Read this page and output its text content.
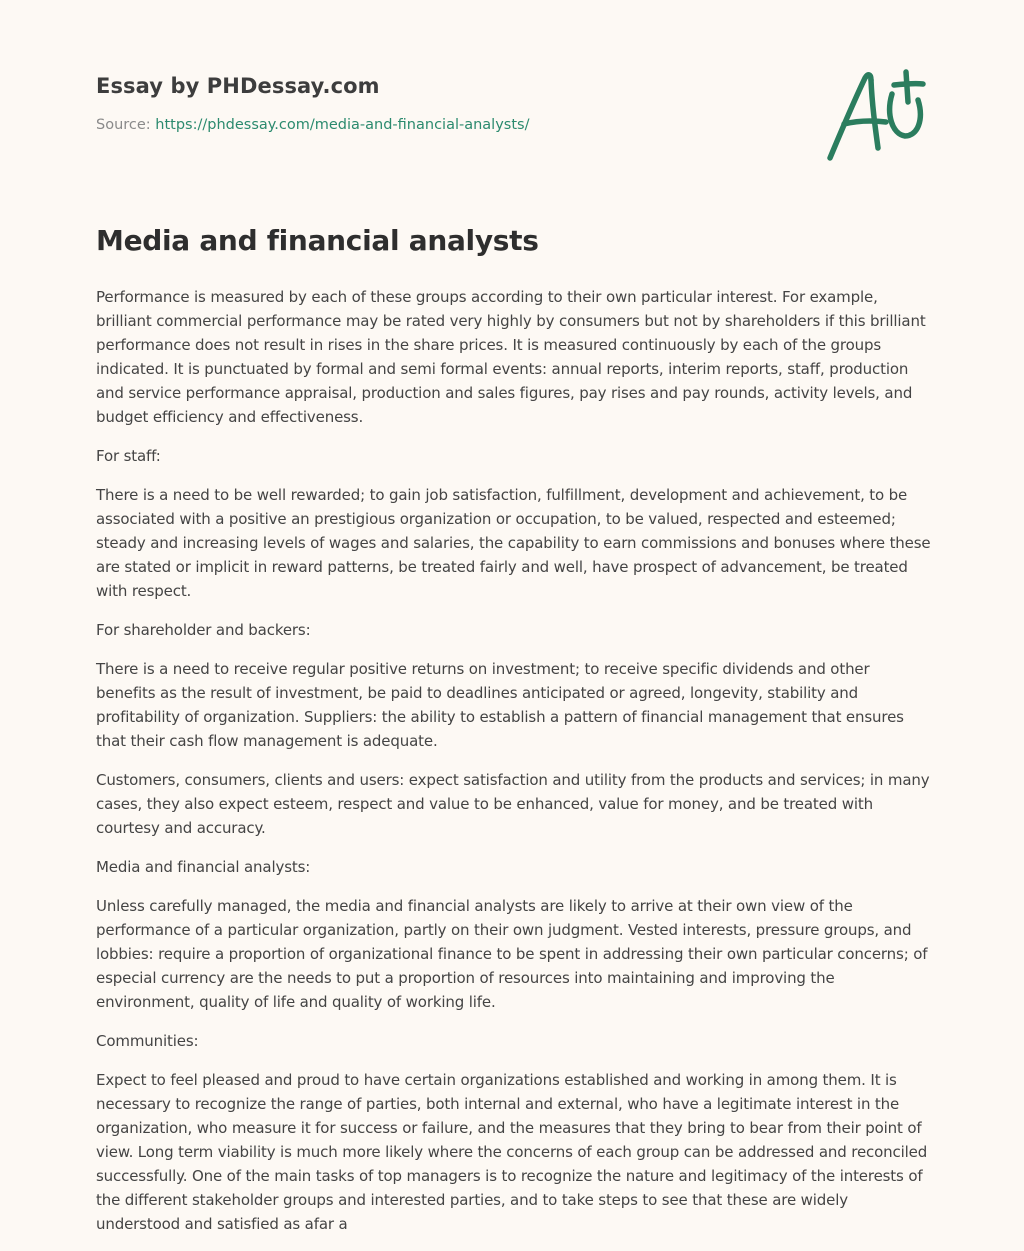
Essay by PHDessay.com
Source: https://phdessay.com/media-and-financial-analysts/
Media and financial analysts

Performance is measured by each of these groups according to their own particular interest. For example, brilliant commercial performance may be rated very highly by consumers but not by shareholders if this brilliant performance does not result in rises in the share prices. It is measured continuously by each of the groups indicated. It is punctuated by formal and semi formal events: annual reports, interim reports, staff, production and service performance appraisal, production and sales figures, pay rises and pay rounds, activity levels, and budget efficiency and effectiveness.

For staff:

There is a need to be well rewarded; to gain job satisfaction, fulfillment, development and achievement, to be associated with a positive an prestigious organization or occupation, to be valued, respected and esteemed; steady and increasing levels of wages and salaries, the capability to earn commissions and bonuses where these are stated or implicit in reward patterns, be treated fairly and well, have prospect of advancement, be treated with respect.

For shareholder and backers:

There is a need to receive regular positive returns on investment; to receive specific dividends and other benefits as the result of investment, be paid to deadlines anticipated or agreed, longevity, stability and profitability of organization. Suppliers: the ability to establish a pattern of financial management that ensures that their cash flow management is adequate.

Customers, consumers, clients and users: expect satisfaction and utility from the products and services; in many cases, they also expect esteem, respect and value to be enhanced, value for money, and be treated with courtesy and accuracy.

Media and financial analysts:

Unless carefully managed, the media and financial analysts are likely to arrive at their own view of the performance of a particular organization, partly on their own judgment. Vested interests, pressure groups, and lobbies: require a proportion of organizational finance to be spent in addressing their own particular concerns; of especial currency are the needs to put a proportion of resources into maintaining and improving the environment, quality of life and quality of working life.

Communities:

Expect to feel pleased and proud to have certain organizations established and working in among them. It is necessary to recognize the range of parties, both internal and external, who have a legitimate interest in the organization, who measure it for success or failure, and the measures that they bring to bear from their point of view. Long term viability is much more likely where the concerns of each group can be addressed and reconciled successfully. One of the main tasks of top managers is to recognize the nature and legitimacy of the interests of the different stakeholder groups and interested parties, and to take steps to see that these are widely understood and satisfied as afar a
